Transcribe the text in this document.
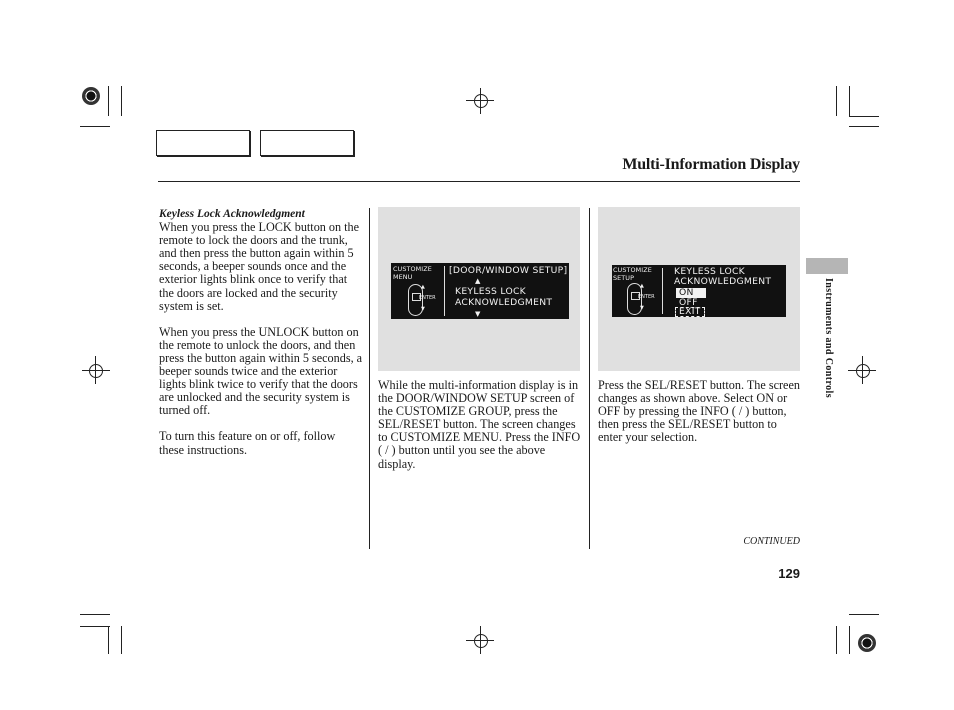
Multi-Information Display
Keyless Lock Acknowledgment

When you press the LOCK button on the remote to lock the doors and the trunk, and then press the button again within 5 seconds, a beeper sounds once and the exterior lights blink once to verify that the doors are locked and the security system is set.

When you press the UNLOCK button on the remote to unlock the doors, and then press the button again within 5 seconds, a beeper sounds twice and the exterior lights blink twice to verify that the doors are unlocked and the security system is turned off.

To turn this feature on or off, follow these instructions.

CUSTOMIZE
MENU
▲
ENTER
▼
[DOOR/WINDOW SETUP]
▲
KEYLESS LOCK
ACKNOWLEDGMENT
▼
CUSTOMIZE
SETUP
▲
ENTER
▼
KEYLESS LOCK
ACKNOWLEDGMENT
ON
OFF
EXIT

While the multi-information display is in the DOOR/WINDOW SETUP screen of the CUSTOMIZE GROUP, press the SEL/RESET button. The screen changes to CUSTOMIZE MENU. Press the INFO ( / ) button until you see the above display.

Press the SEL/RESET button. The screen changes as shown above. Select ON or OFF by pressing the INFO ( / ) button, then press the SEL/RESET button to enter your selection.

Instruments and Controls
CONTINUED
129
